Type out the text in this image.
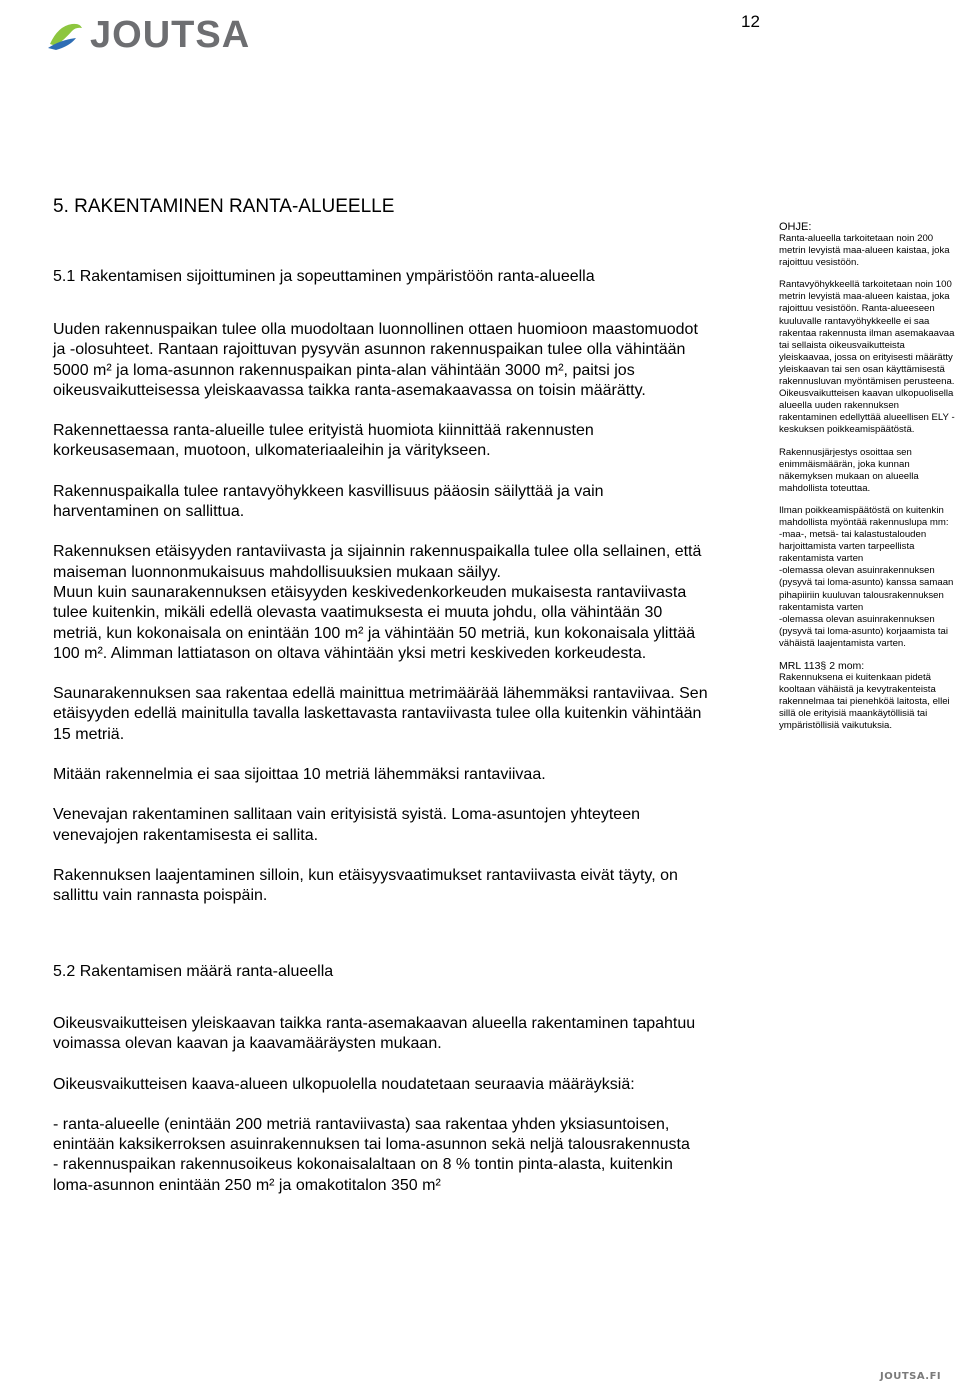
JOUTSA	12
5. RAKENTAMINEN RANTA-ALUEELLE
5.1 Rakentamisen sijoittuminen ja sopeuttaminen ympäristöön ranta-alueella

Uuden rakennuspaikan tulee olla muodoltaan luonnollinen ottaen huomioon maastomuodot ja -olosuhteet. Rantaan rajoittuvan pysyvän asunnon rakennuspaikan tulee olla vähintään 5000 m² ja loma-asunnon rakennuspaikan pinta-alan vähintään 3000 m², paitsi jos oikeusvaikutteisessa yleiskaavassa taikka ranta-asemakaavassa on toisin määrätty.

Rakennettaessa ranta-alueille tulee erityistä huomiota kiinnittää rakennusten korkeusasemaan, muotoon, ulkomateriaaleihin ja väritykseen.

Rakennuspaikalla tulee rantavyöhykkeen kasvillisuus pääosin säilyttää ja vain harventaminen on sallittua.

Rakennuksen etäisyyden rantaviivasta ja sijainnin rakennuspaikalla tulee olla sellainen, että maiseman luonnonmukaisuus mahdollisuuksien mukaan säilyy.

Muun kuin saunarakennuksen etäisyyden keskivedenkorkeuden mukaisesta rantaviivasta tulee kuitenkin, mikäli edellä olevasta vaatimuksesta ei muuta johdu, olla vähintään 30 metriä, kun kokonaisala on enintään 100 m² ja vähintään 50 metriä, kun kokonaisala ylittää 100 m². Alimman lattiatason on oltava vähintään yksi metri keskiveden korkeudesta.

Saunarakennuksen saa rakentaa edellä mainittua metrimäärää lähemmäksi rantaviivaa. Sen etäisyyden edellä mainitulla tavalla laskettavasta rantaviivasta tulee olla kuitenkin vähintään 15 metriä.

Mitään rakennelmia ei saa sijoittaa 10 metriä lähemmäksi rantaviivaa.

Venevajan rakentaminen sallitaan vain erityisistä syistä. Loma-asuntojen yhteyteen venevajojen rakentamisesta ei sallita.

Rakennuksen laajentaminen silloin, kun etäisyysvaatimukset rantaviivasta eivät täyty, on sallittu vain rannasta poispäin.

5.2 Rakentamisen määrä ranta-alueella

Oikeusvaikutteisen yleiskaavan taikka ranta-asemakaavan alueella rakentaminen tapahtuu voimassa olevan kaavan ja kaavamääräysten mukaan.

Oikeusvaikutteisen kaava-alueen ulkopuolella noudatetaan seuraavia määräyksiä:

- ranta-alueelle (enintään 200 metriä rantaviivasta) saa rakentaa yhden yksiasuntoisen, enintään kaksikerroksen asuinrakennuksen tai loma-asunnon sekä neljä talousrakennusta

- rakennuspaikan rakennusoikeus kokonaisalaltaan on 8 % tontin pinta-alasta, kuitenkin loma-asunnon enintään 250 m² ja omakotitalon 350 m²

OHJE:

Ranta-alueella tarkoitetaan noin 200 metrin levyistä maa-alueen kaistaa, joka rajoittuu vesistöön.

Rantavyöhykkeellä tarkoitetaan noin 100 metrin levyistä maa-alueen kaistaa, joka rajoittuu vesistöön. Ranta-alueeseen kuuluvalle rantavyöhykkeelle ei saa rakentaa rakennusta ilman asemakaavaa tai sellaista oikeusvaikutteista yleiskaavaa, jossa on erityisesti määrätty yleiskaavan tai sen osan käyttämisestä rakennusluvan myöntämisen perusteena. Oikeusvaikutteisen kaavan ulkopuolisella alueella uuden rakennuksen rakentaminen edellyttää alueellisen ELY -keskuksen poikkeamispäätöstä.

Rakennusjärjestys osoittaa sen enimmäismäärän, joka kunnan näkemyksen mukaan on alueella mahdollista toteuttaa.

Ilman poikkeamispäätöstä on kuitenkin mahdollista myöntää rakennuslupa mm:

-maa-, metsä- tai kalastustalouden harjoittamista varten tarpeellista rakentamista varten

-olemassa olevan asuinrakennuksen (pysyvä tai loma-asunto) kanssa samaan pihapiiriin kuuluvan talousrakennuksen rakentamista varten

-olemassa olevan asuinrakennuksen (pysyvä tai loma-asunto) korjaamista tai vähäistä laajentamista varten.

MRL 113§ 2 mom:

Rakennuksena ei kuitenkaan pidetä kooltaan vähäistä ja kevytrakenteista rakennelmaa tai pienehköä laitosta, ellei sillä ole erityisiä maankäytöllisiä tai ympäristöllisiä vaikutuksia.

JOUTSA.FI
